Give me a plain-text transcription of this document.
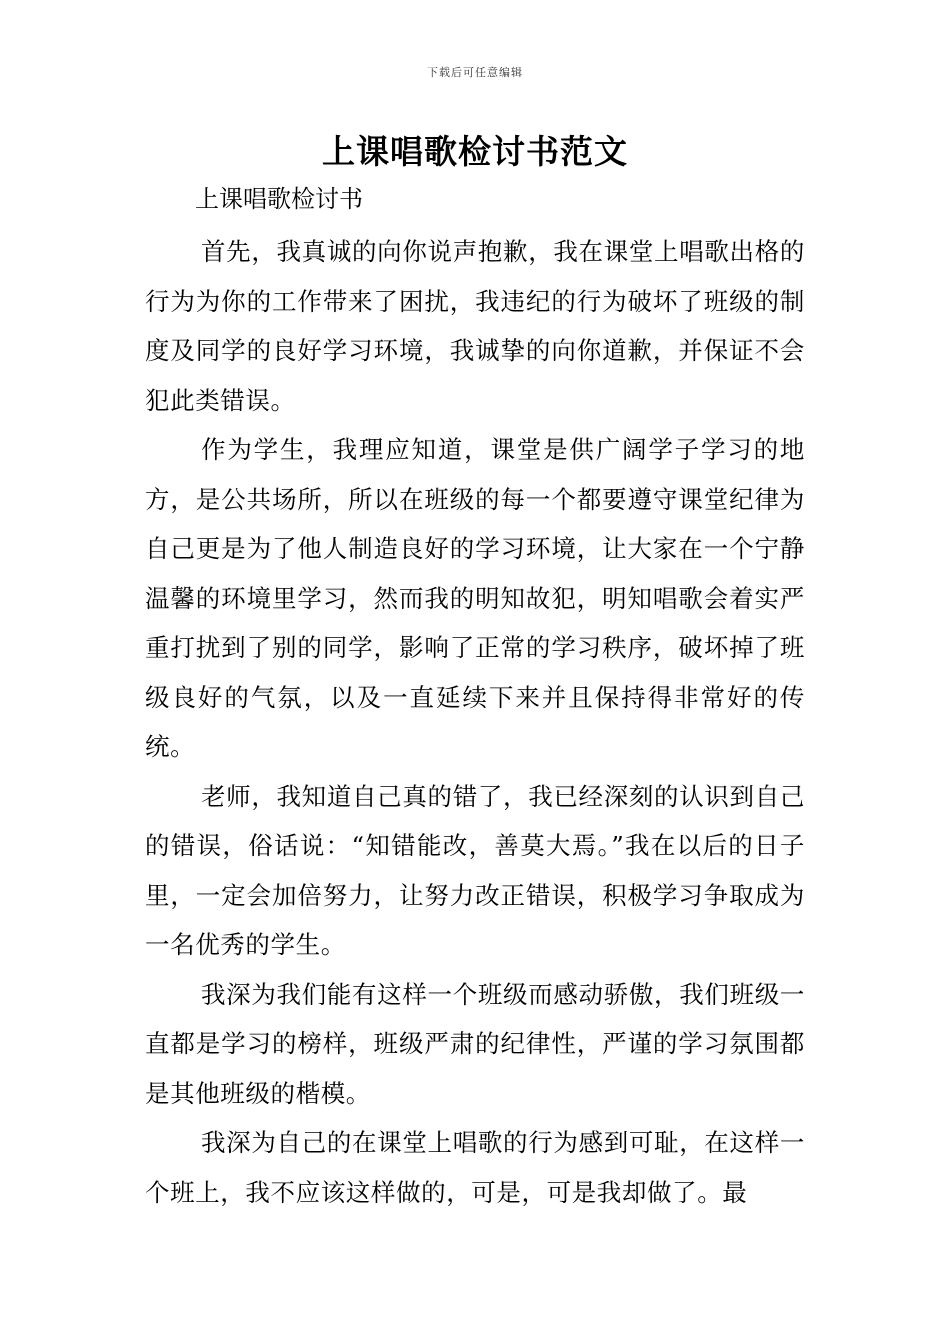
下载后可任意编辑
上课唱歌检讨书范文
上课唱歌检讨书

首先，我真诚的向你说声抱歉，我在课堂上唱歌出格的行为为你的工作带来了困扰，我违纪的行为破坏了班级的制度及同学的良好学习环境，我诚挚的向你道歉，并保证不会犯此类错误。

作为学生，我理应知道，课堂是供广阔学子学习的地方，是公共场所，所以在班级的每一个都要遵守课堂纪律为自己更是为了他人制造良好的学习环境，让大家在一个宁静温馨的环境里学习，然而我的明知故犯，明知唱歌会着实严重打扰到了别的同学，影响了正常的学习秩序，破坏掉了班级良好的气氛，以及一直延续下来并且保持得非常好的传统。

老师，我知道自己真的错了，我已经深刻的认识到自己的错误，俗话说：“知错能改，善莫大焉。”我在以后的日子里，一定会加倍努力，让努力改正错误，积极学习争取成为一名优秀的学生。

我深为我们能有这样一个班级而感动骄傲，我们班级一直都是学习的榜样，班级严肃的纪律性，严谨的学习氛围都是其他班级的楷模。

我深为自己的在课堂上唱歌的行为感到可耻，在这样一个班上，我不应该这样做的，可是，可是我却做了。最
